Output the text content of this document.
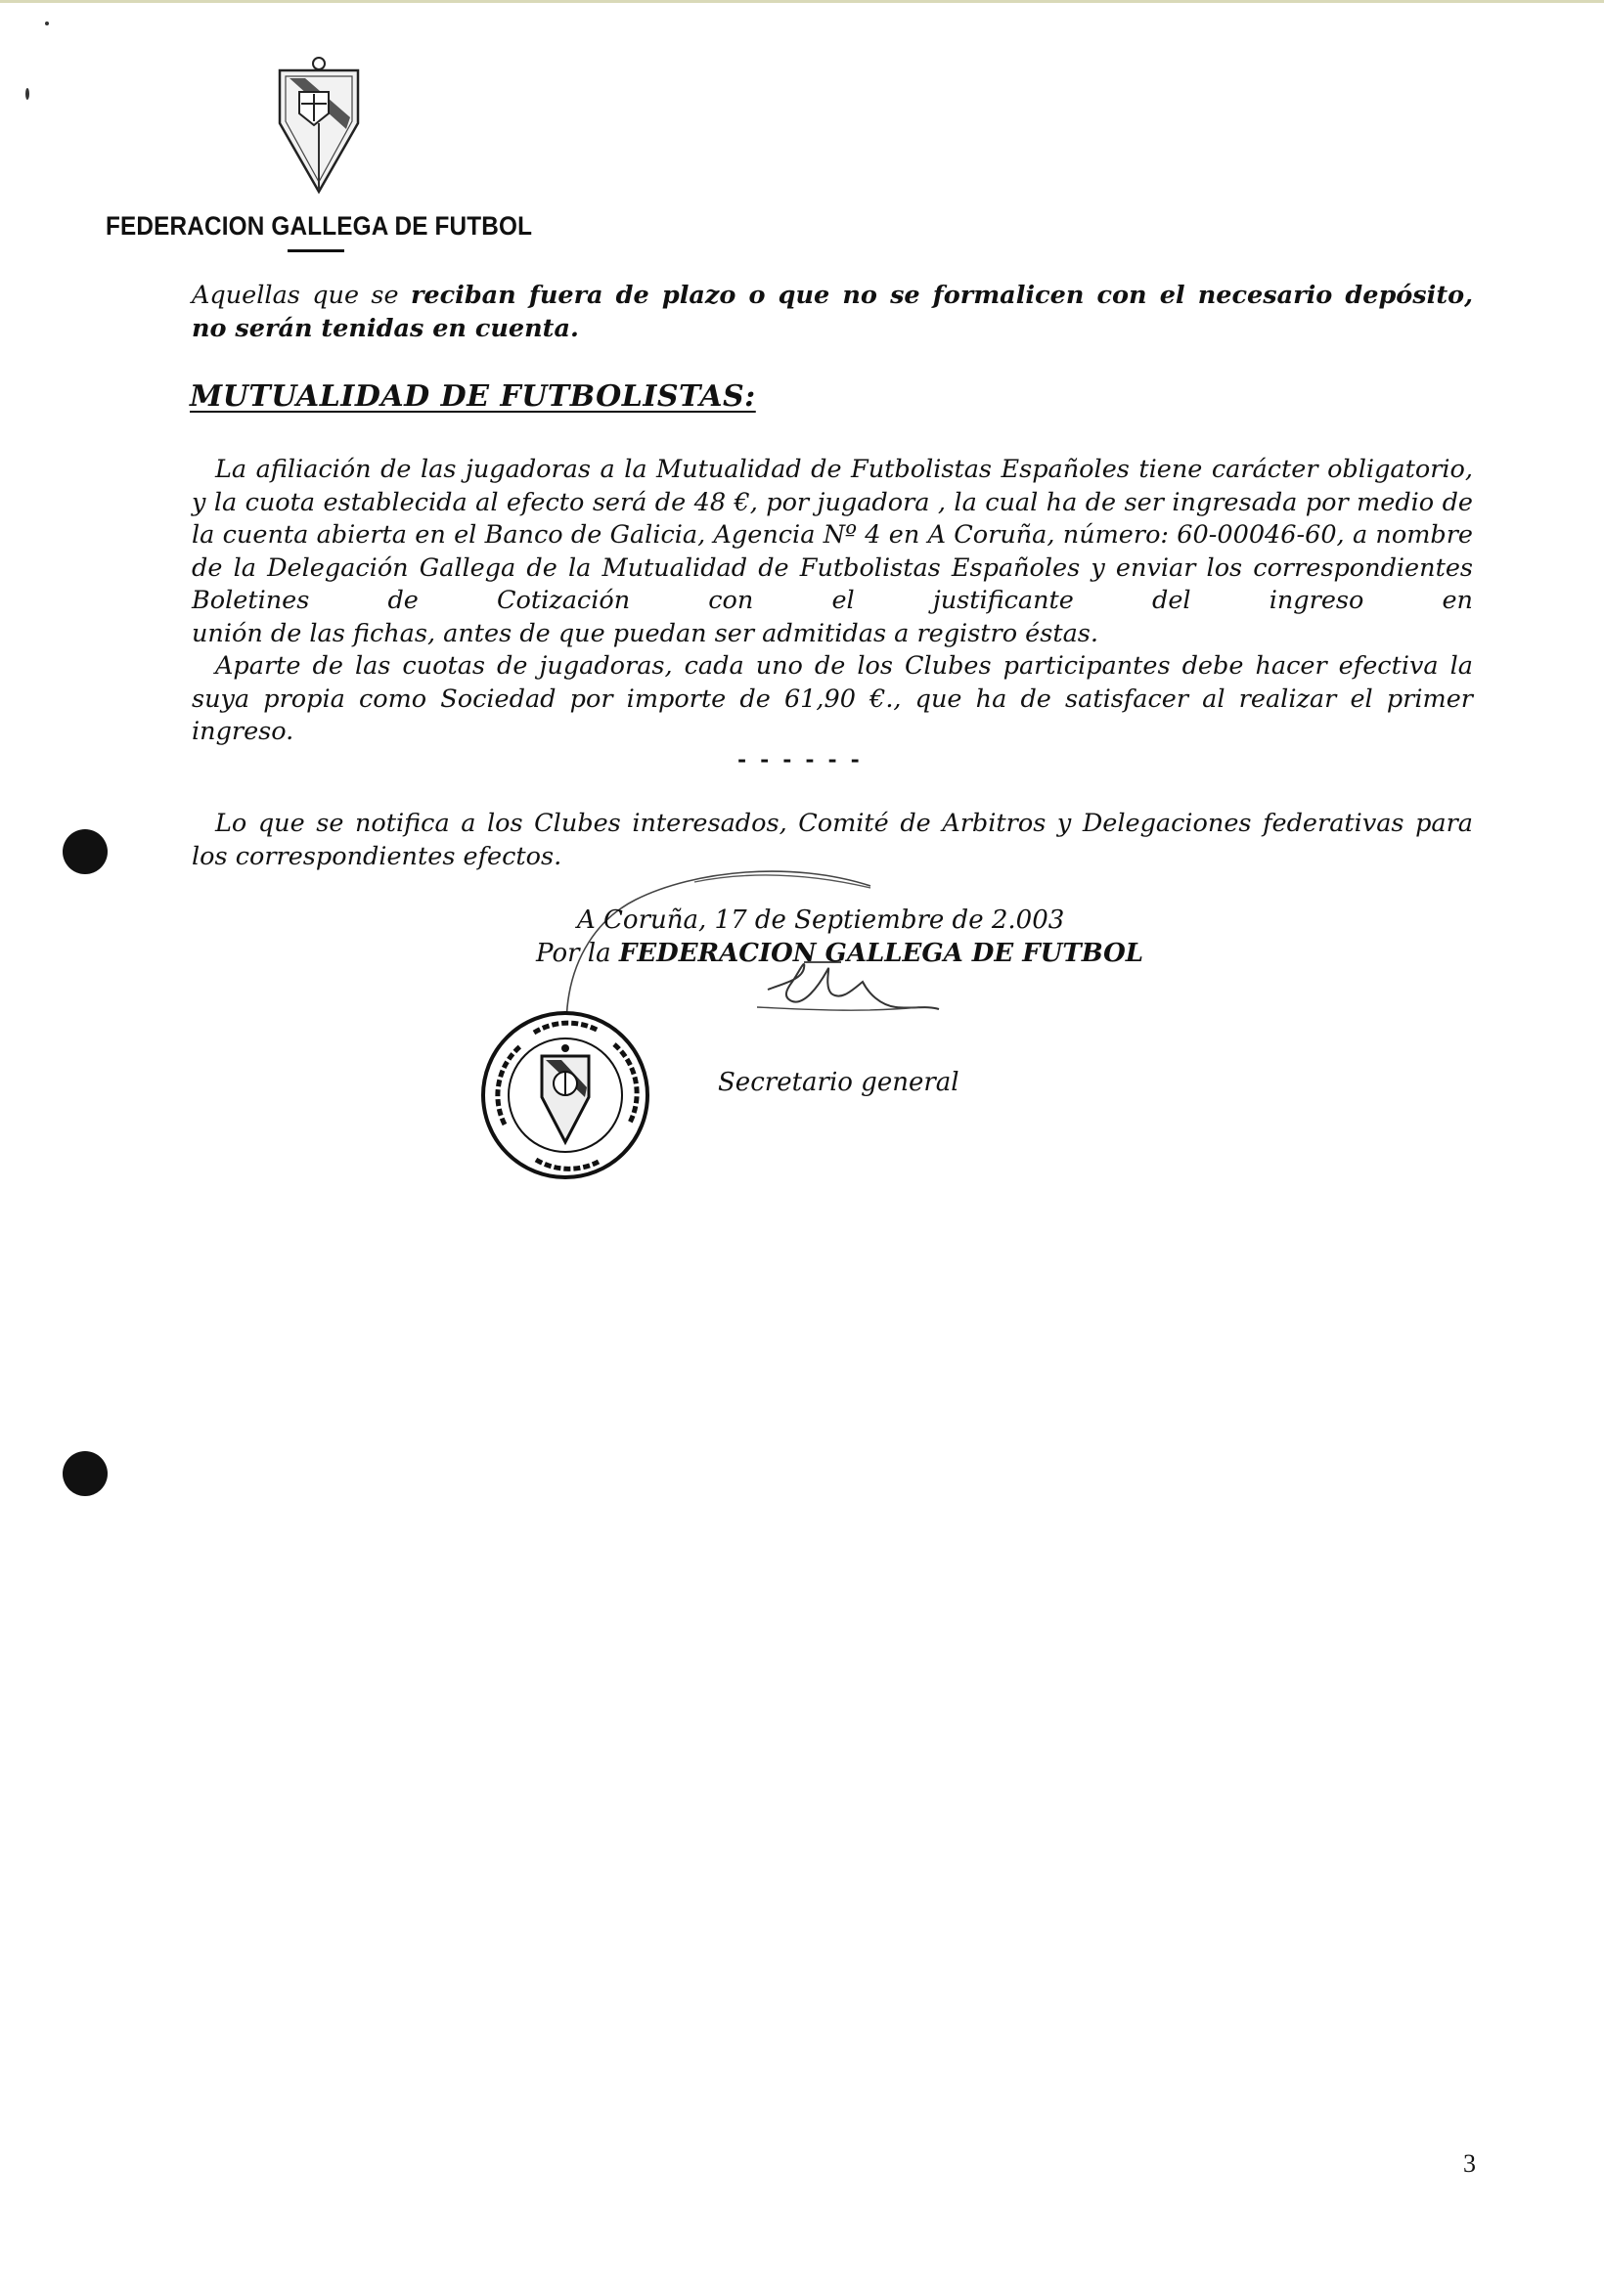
FEDERACION GALLEGA DE FUTBOL
Aquellas que se reciban fuera de plazo o que no se formalicen con el necesario depósito,
no serán tenidas en cuenta.
MUTUALIDAD DE FUTBOLISTAS:
La afiliación de las jugadoras a la Mutualidad de Futbolistas Españoles tiene carácter obligatorio, y la cuota establecida al efecto será de 48 €, por jugadora , la cual ha de ser ingresada por medio de la cuenta abierta en el Banco de Galicia, Agencia Nº 4 en A Coruña, número: 60-00046-60, a nombre de la Delegación Gallega de la Mutualidad de Futbolistas Españoles y enviar los correspondientes Boletines de Cotización con el justificante del ingreso en
unión de las fichas, antes de que puedan ser admitidas a registro éstas.
Aparte de las cuotas de jugadoras, cada uno de los Clubes participantes debe hacer efectiva la suya propia como Sociedad por importe de 61,90 €., que ha de satisfacer al realizar el primer
ingreso.
------
Lo que se notifica a los Clubes interesados, Comité de Arbitros y Delegaciones federativas para
los correspondientes efectos.
A Coruña, 17 de Septiembre de 2.003
Por la FEDERACION GALLEGA DE FUTBOL
Secretario general
3
